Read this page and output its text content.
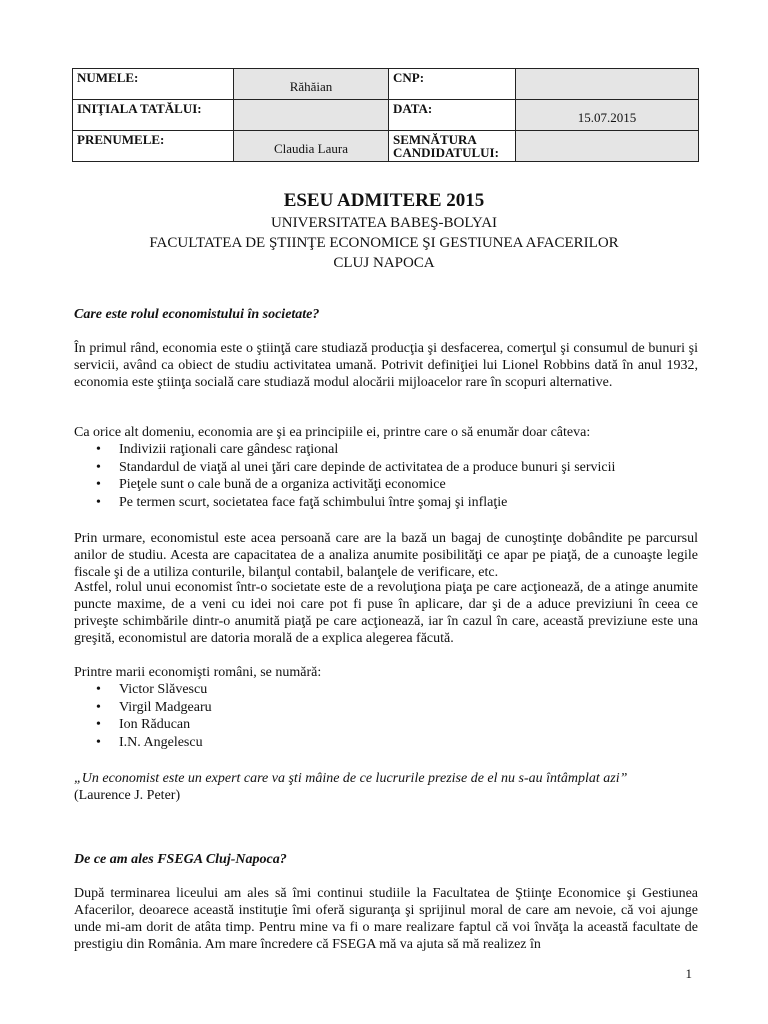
NUMELE:	Răhăian	CNP:	
INIŢIALA TATĂLUI:		DATA:	15.07.2015
PRENUMELE:	Claudia Laura	SEMNĂTURA CANDIDATULUI:	
ESEU ADMITERE 2015
UNIVERSITATEA BABEŞ-BOLYAI
FACULTATEA DE ŞTIINŢE ECONOMICE ŞI GESTIUNEA AFACERILOR
CLUJ NAPOCA

Care este rolul economistului în societate?

În primul rând, economia este o ştiinţă care studiază producţia şi desfacerea, comerţul şi consumul de bunuri şi servicii, având ca obiect de studiu activitatea umană. Potrivit definiţiei lui Lionel Robbins dată în anul 1932, economia este ştiinţa socială care studiază modul alocării mijloacelor rare în scopuri alternative.

Ca orice alt domeniu, economia are şi ea principiile ei, printre care o să enumăr doar câteva:

• Indivizii raţionali care gândesc raţional
• Standardul de viaţă al unei ţări care depinde de activitatea de a produce bunuri şi servicii
• Pieţele sunt o cale bună de a organiza activităţi economice
• Pe termen scurt, societatea face faţă schimbului între şomaj şi inflaţie

Prin urmare, economistul este acea persoană care are la bază un bagaj de cunoştinţe dobândite pe parcursul anilor de studiu. Acesta are capacitatea de a analiza anumite posibilităţi ce apar pe piaţă, de a cunoaşte legile fiscale şi de a utiliza conturile, bilanţul contabil, balanţele de verificare, etc.

Astfel, rolul unui economist într-o societate este de a revoluţiona piaţa pe care acţionează, de a atinge anumite puncte maxime, de a veni cu idei noi care pot fi puse în aplicare, dar şi de a aduce previziuni în ceea ce priveşte schimbările dintr-o anumită piaţă pe care acţionează, iar în cazul în care, această previziune este una greşită, economistul are datoria morală de a explica alegerea făcută.

Printre marii economişti români, se numără:

• Victor Slăvescu
• Virgil Madgearu
• Ion Răducan
• I.N. Angelescu

„Un economist este un expert care va şti mâine de ce lucrurile prezise de el nu s-au întâmplat azi”

(Laurence J. Peter)

De ce am ales FSEGA Cluj-Napoca?

După terminarea liceului am ales să îmi continui studiile la Facultatea de Ştiinţe Economice şi Gestiunea Afacerilor, deoarece această instituţie îmi oferă siguranţa şi sprijinul moral de care am nevoie, că voi ajunge unde mi-am dorit de atâta timp. Pentru mine va fi o mare realizare faptul că voi învăţa la această facultate de prestigiu din România. Am mare încredere că FSEGA mă va ajuta să mă realizez în

1
